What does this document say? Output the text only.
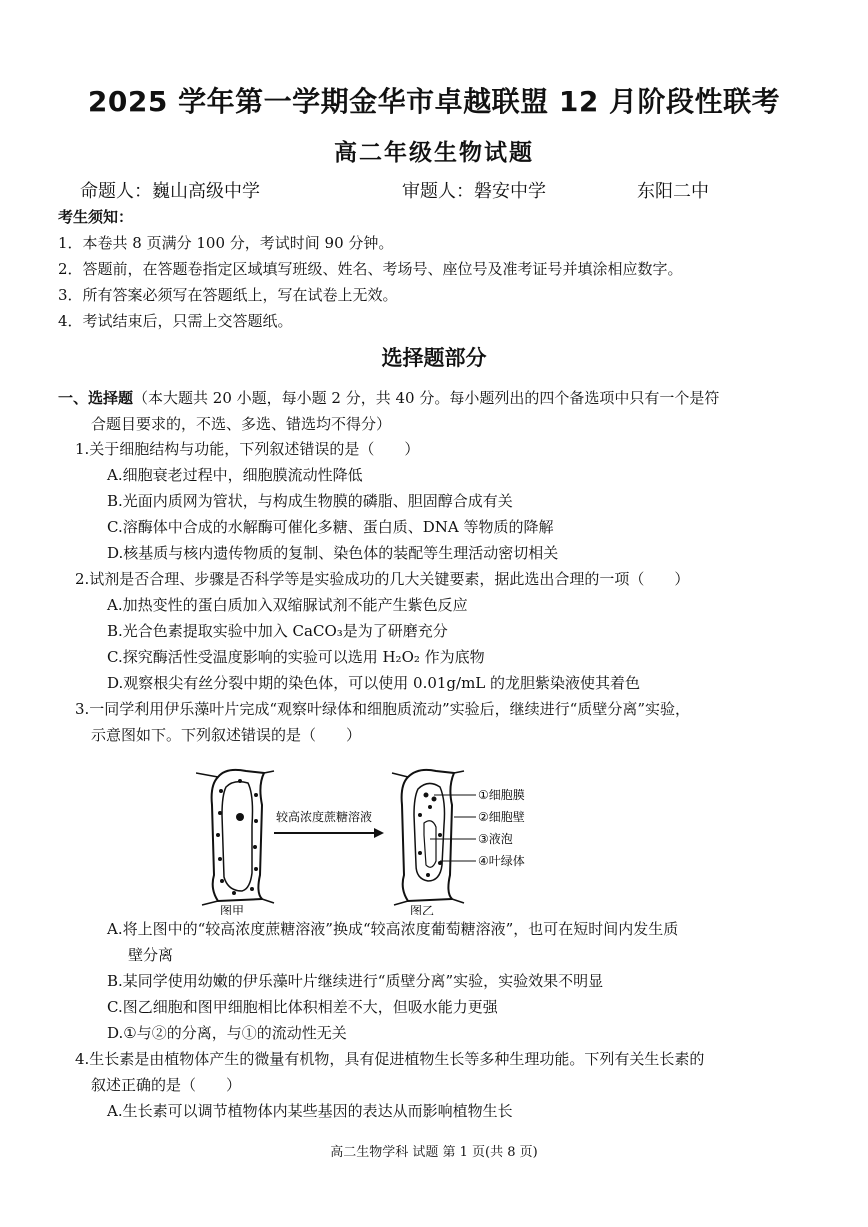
2025 学年第一学期金华市卓越联盟 12 月阶段性联考
高二年级生物试题
命题人：巍山高级中学	审题人：磐安中学	东阳二中
考生须知：
1．本卷共 8 页满分 100 分，考试时间 90 分钟。
2．答题前，在答题卷指定区域填写班级、姓名、考场号、座位号及准考证号并填涂相应数字。
3．所有答案必须写在答题纸上，写在试卷上无效。
4．考试结束后，只需上交答题纸。
选择题部分
一、选择题（本大题共 20 小题，每小题 2 分，共 40 分。每小题列出的四个备选项中只有一个是符
合题目要求的，不选、多选、错选均不得分）
1.关于细胞结构与功能，下列叙述错误的是（　　）
A.细胞衰老过程中，细胞膜流动性降低
B.光面内质网为管状，与构成生物膜的磷脂、胆固醇合成有关
C.溶酶体中合成的水解酶可催化多糖、蛋白质、DNA 等物质的降解
D.核基质与核内遗传物质的复制、染色体的装配等生理活动密切相关
2.试剂是否合理、步骤是否科学等是实验成功的几大关键要素，据此选出合理的一项（　　）
A.加热变性的蛋白质加入双缩脲试剂不能产生紫色反应
B.光合色素提取实验中加入 CaCO₃是为了研磨充分
C.探究酶活性受温度影响的实验可以选用 H₂O₂ 作为底物
D.观察根尖有丝分裂中期的染色体，可以使用 0.01g/mL 的龙胆紫染液使其着色
3.一同学利用伊乐藻叶片完成“观察叶绿体和细胞质流动”实验后，继续进行“质壁分离”实验，
示意图如下。下列叙述错误的是（　　）
图甲
较高浓度蔗糖溶液
图乙
①细胞膜
②细胞壁
③液泡
④叶绿体
A.将上图中的“较高浓度蔗糖溶液”换成“较高浓度葡萄糖溶液”，也可在短时间内发生质
壁分离
B.某同学使用幼嫩的伊乐藻叶片继续进行“质壁分离”实验，实验效果不明显
C.图乙细胞和图甲细胞相比体积相差不大，但吸水能力更强
D.①与②的分离，与①的流动性无关
4.生长素是由植物体产生的微量有机物，具有促进植物生长等多种生理功能。下列有关生长素的
叙述正确的是（　　）
A.生长素可以调节植物体内某些基因的表达从而影响植物生长
高二生物学科 试题 第 1 页(共 8 页)
